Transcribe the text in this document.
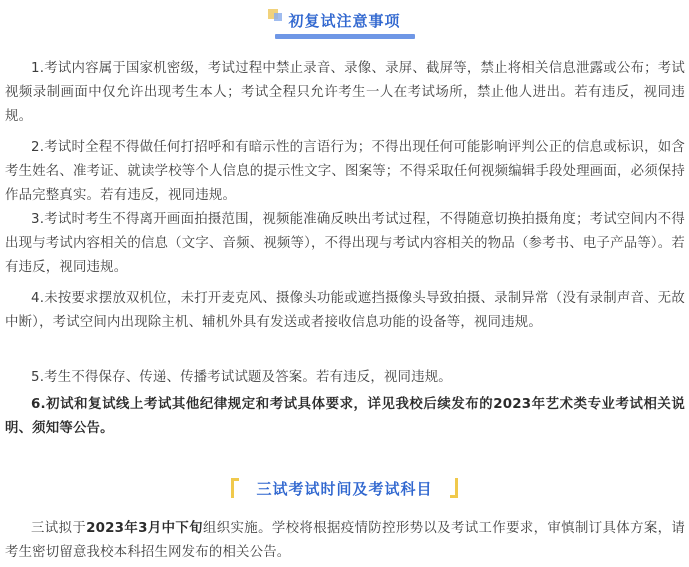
初复试注意事项

1.考试内容属于国家机密级，考试过程中禁止录音、录像、录屏、截屏等，禁止将相关信息泄露或公布；考试视频录制画面中仅允许出现考生本人；考试全程只允许考生一人在考试场所，禁止他人进出。若有违反，视同违规。

2.考试时全程不得做任何打招呼和有暗示性的言语行为；不得出现任何可能影响评判公正的信息或标识，如含考生姓名、准考证、就读学校等个人信息的提示性文字、图案等；不得采取任何视频编辑手段处理画面，必须保持作品完整真实。若有违反，视同违规。

3.考试时考生不得离开画面拍摄范围，视频能准确反映出考试过程，不得随意切换拍摄角度；考试空间内不得出现与考试内容相关的信息（文字、音频、视频等），不得出现与考试内容相关的物品（参考书、电子产品等）。若有违反，视同违规。

4.未按要求摆放双机位，未打开麦克风、摄像头功能或遮挡摄像头导致拍摄、录制异常（没有录制声音、无故中断），考试空间内出现除主机、辅机外具有发送或者接收信息功能的设备等，视同违规。

5.考生不得保存、传递、传播考试试题及答案。若有违反，视同违规。

6.初试和复试线上考试其他纪律规定和考试具体要求，详见我校后续发布的2023年艺术类专业考试相关说明、须知等公告。

三试考试时间及考试科目

三试拟于2023年3月中下旬组织实施。学校将根据疫情防控形势以及考试工作要求，审慎制订具体方案，请考生密切留意我校本科招生网发布的相关公告。
